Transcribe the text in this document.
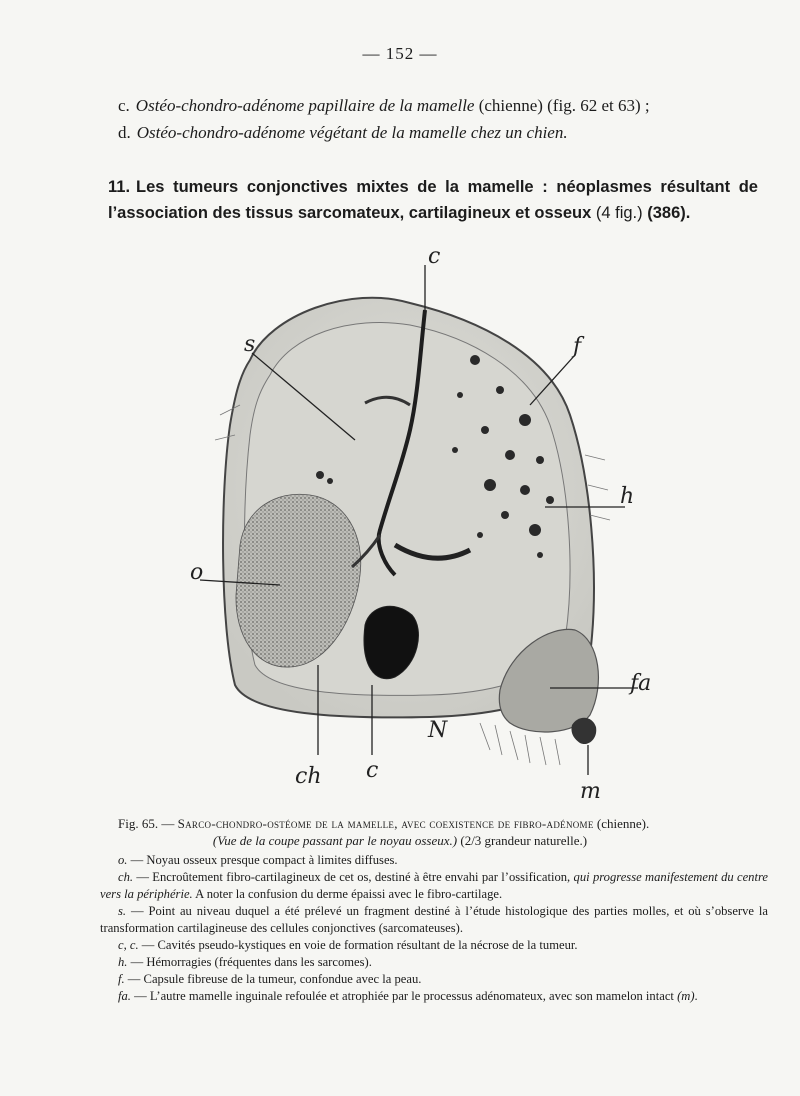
— 152 —
c. Ostéo-chondro-adénome papillaire de la mamelle (chienne) (fig. 62 et 63) ;
d. Ostéo-chondro-adénome végétant de la mamelle chez un chien.
11. Les tumeurs conjonctives mixtes de la mamelle : néoplasmes résultant de l’association des tissus sarcomateux, cartilagineux et osseux (4 fig.) (386).
c
s	f
h
o
fa
N
ch c
m
Fig. 65. — Sarco-chondro-ostéome de la mamelle, avec coexistence de fibro-adénome (chienne).
(Vue de la coupe passant par le noyau osseux.) (2/3 grandeur naturelle.)

o. — Noyau osseux presque compact à limites diffuses.

ch. — Encroûtement fibro-cartilagineux de cet os, destiné à être envahi par l’ossification, qui progresse manifestement du centre vers la périphérie. A noter la confusion du derme épaissi avec le fibro-cartilage.

s. — Point au niveau duquel a été prélevé un fragment destiné à l’étude histologique des parties molles, et où s’observe la transformation cartilagineuse des cellules conjonctives (sarcomateuses).

c, c. — Cavités pseudo-kystiques en voie de formation résultant de la nécrose de la tumeur.

h. — Hémorragies (fréquentes dans les sarcomes).

f. — Capsule fibreuse de la tumeur, confondue avec la peau.

fa. — L’autre mamelle inguinale refoulée et atrophiée par le processus adénomateux, avec son mamelon intact (m).
